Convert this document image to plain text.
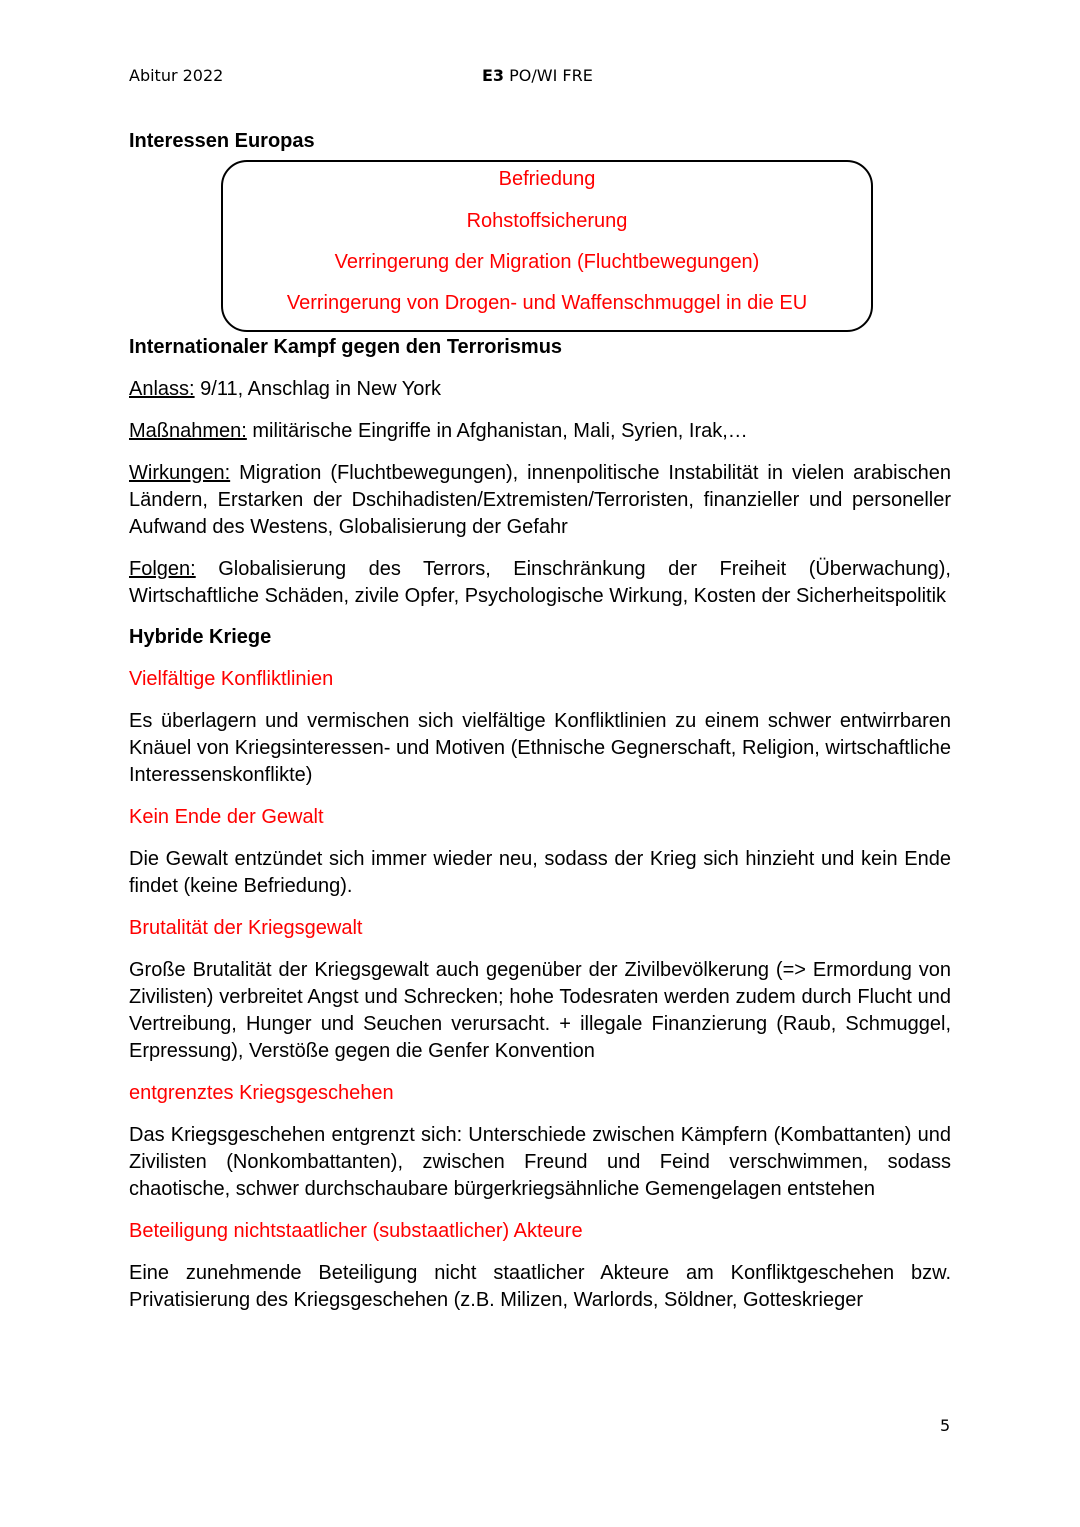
Abitur 2022	E3 PO/WI FRE
Interessen Europas
Befriedung
Rohstoffsicherung
Verringerung der Migration (Fluchtbewegungen)
Verringerung von Drogen- und Waffenschmuggel in die EU
Internationaler Kampf gegen den Terrorismus

Anlass: 9/11, Anschlag in New York

Maßnahmen: militärische Eingriffe in Afghanistan, Mali, Syrien, Irak,…

Wirkungen: Migration (Fluchtbewegungen), innenpolitische Instabilität in vielen arabischen Ländern, Erstarken der Dschihadisten/Extremisten/Terroristen, finanzieller und personeller Aufwand des Westens, Globalisierung der Gefahr

Folgen: Globalisierung des Terrors, Einschränkung der Freiheit (Überwachung), Wirtschaftliche Schäden, zivile Opfer, Psychologische Wirkung, Kosten der Sicherheitspolitik

Hybride Kriege

Vielfältige Konfliktlinien

Es überlagern und vermischen sich vielfältige Konfliktlinien zu einem schwer entwirrbaren Knäuel von Kriegsinteressen- und Motiven (Ethnische Gegnerschaft, Religion, wirtschaftliche Interessenskonflikte)

Kein Ende der Gewalt

Die Gewalt entzündet sich immer wieder neu, sodass der Krieg sich hinzieht und kein Ende findet (keine Befriedung).

Brutalität der Kriegsgewalt

Große Brutalität der Kriegsgewalt auch gegenüber der Zivilbevölkerung (=> Ermordung von Zivilisten) verbreitet Angst und Schrecken; hohe Todesraten werden zudem durch Flucht und Vertreibung, Hunger und Seuchen verursacht. + illegale Finanzierung (Raub, Schmuggel, Erpressung), Verstöße gegen die Genfer Konvention

entgrenztes Kriegsgeschehen

Das Kriegsgeschehen entgrenzt sich: Unterschiede zwischen Kämpfern (Kombattanten) und Zivilisten (Nonkombattanten), zwischen Freund und Feind verschwimmen, sodass chaotische, schwer durchschaubare bürgerkriegsähnliche Gemengelagen entstehen

Beteiligung nichtstaatlicher (substaatlicher) Akteure

Eine zunehmende Beteiligung nicht staatlicher Akteure am Konfliktgeschehen bzw. Privatisierung des Kriegsgeschehen (z.B. Milizen, Warlords, Söldner, Gotteskrieger

5
